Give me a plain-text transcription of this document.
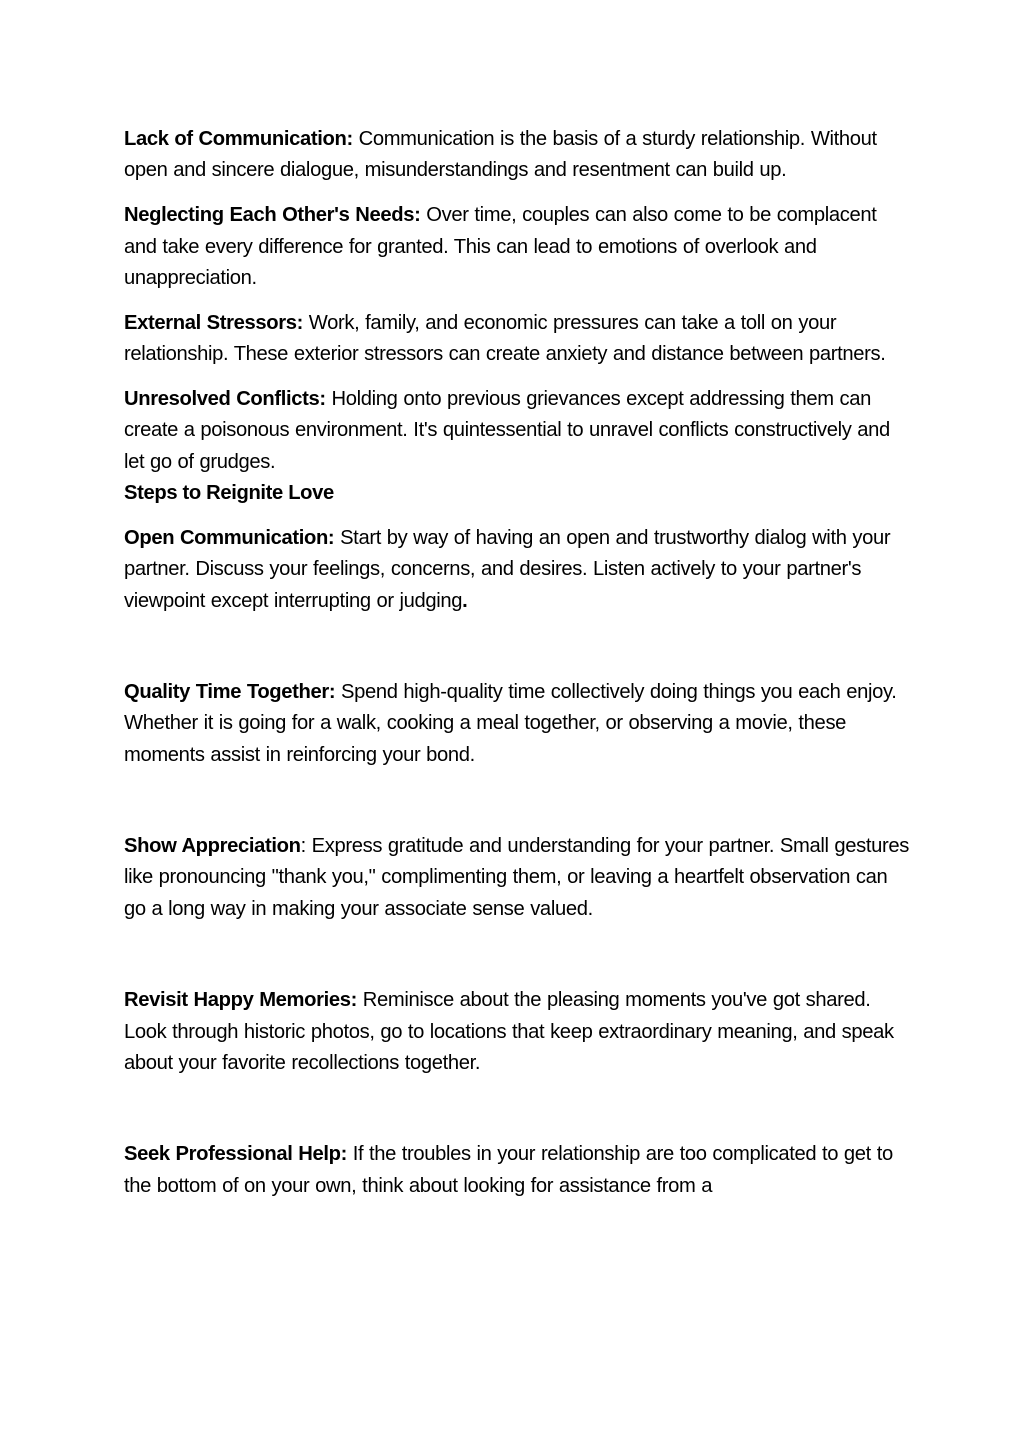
Lack of Communication: Communication is the basis of a sturdy relationship. Without open and sincere dialogue, misunderstandings and resentment can build up.

Neglecting Each Other's Needs: Over time, couples can also come to be complacent and take every difference for granted. This can lead to emotions of overlook and unappreciation.

External Stressors: Work, family, and economic pressures can take a toll on your relationship. These exterior stressors can create anxiety and distance between partners.

Unresolved Conflicts: Holding onto previous grievances except addressing them can create a poisonous environment. It's quintessential to unravel conflicts constructively and let go of grudges.

Steps to Reignite Love

Open Communication: Start by way of having an open and trustworthy dialog with your partner. Discuss your feelings, concerns, and desires. Listen actively to your partner's viewpoint except interrupting or judging.

Quality Time Together: Spend high-quality time collectively doing things you each enjoy. Whether it is going for a walk, cooking a meal together, or observing a movie, these moments assist in reinforcing your bond.

Show Appreciation: Express gratitude and understanding for your partner. Small gestures like pronouncing "thank you," complimenting them, or leaving a heartfelt observation can go a long way in making your associate sense valued.

Revisit Happy Memories: Reminisce about the pleasing moments you've got shared. Look through historic photos, go to locations that keep extraordinary meaning, and speak about your favorite recollections together.

Seek Professional Help: If the troubles in your relationship are too complicated to get to the bottom of on your own, think about looking for assistance from a
